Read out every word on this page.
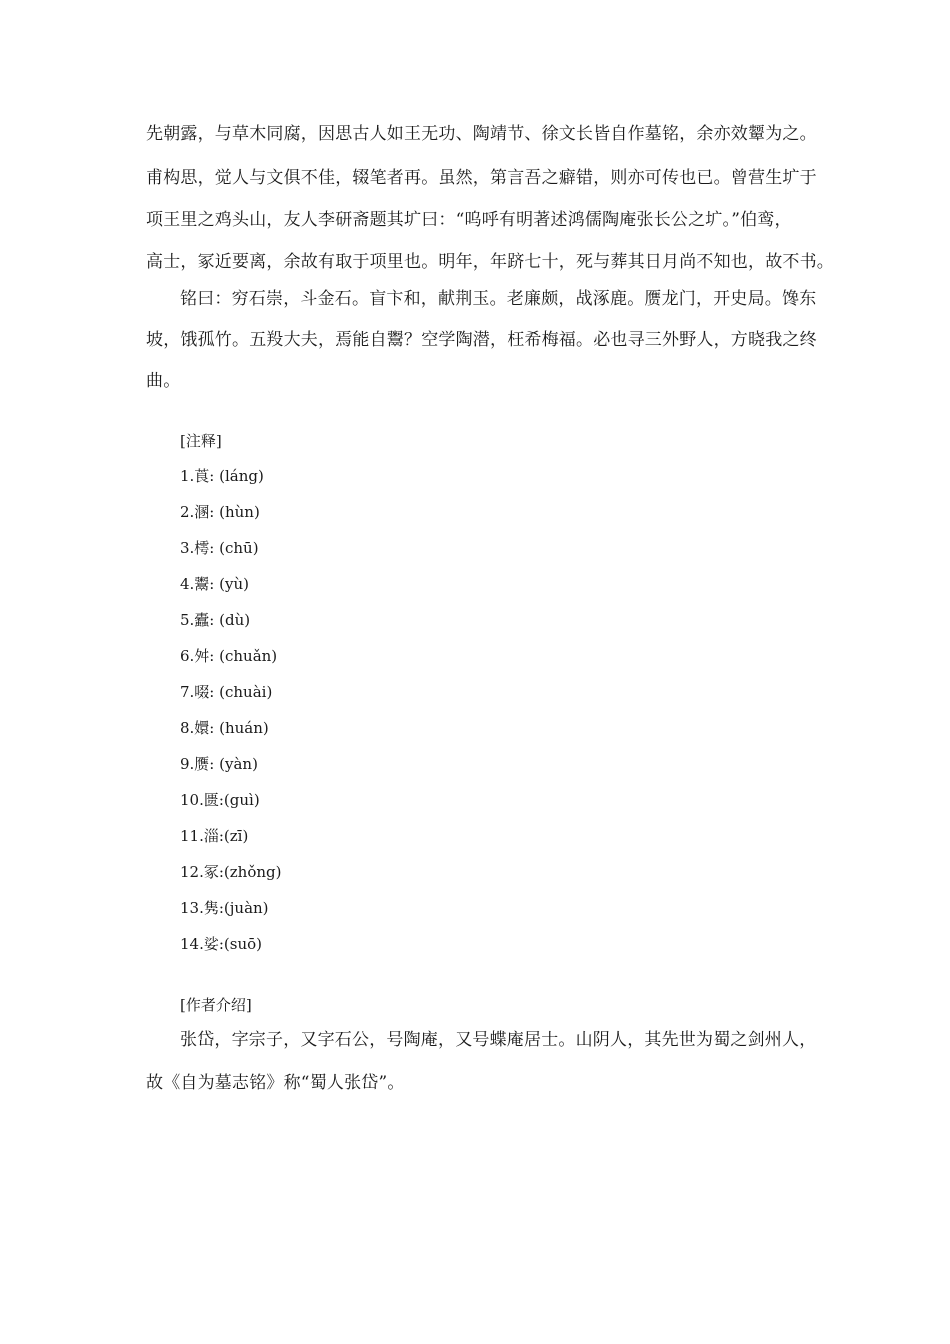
先朝露，与草木同腐，因思古人如王无功、陶靖节、徐文长皆自作墓铭，余亦效颦为之。
甫构思，觉人与文俱不佳，辍笔者再。虽然，第言吾之癖错，则亦可传也已。曾营生圹于
项王里之鸡头山，友人李研斋题其圹曰：“呜呼有明著述鸿儒陶庵张长公之圹。”伯鸾，
高士，冢近要离，余故有取于项里也。明年，年跻七十，死与葬其日月尚不知也，故不书。
铭曰：穷石崇，斗金石。盲卞和，献荆玉。老廉颇，战涿鹿。赝龙门，开史局。馋东
坡，饿孤竹。五羖大夫，焉能自鬻？空学陶潜，枉希梅福。必也寻三外野人，方晓我之终
曲。
[注释]
1.莨: (láng)
2.溷: (hùn)
3.樗: (chū)
4.鬻: (yù)
5.蠹: (dù)
6.舛: (chuǎn)
7.啜: (chuài)
8.嬛: (huán)
9.赝: (yàn)
10.匮:(guì)
11.淄:(zī)
12.冢:(zhǒng)
13.隽:(juàn)
14.娑:(suō)
[作者介绍]
张岱，字宗子，又字石公，号陶庵，又号蝶庵居士。山阴人，其先世为蜀之剑州人，
故《自为墓志铭》称“蜀人张岱”。
